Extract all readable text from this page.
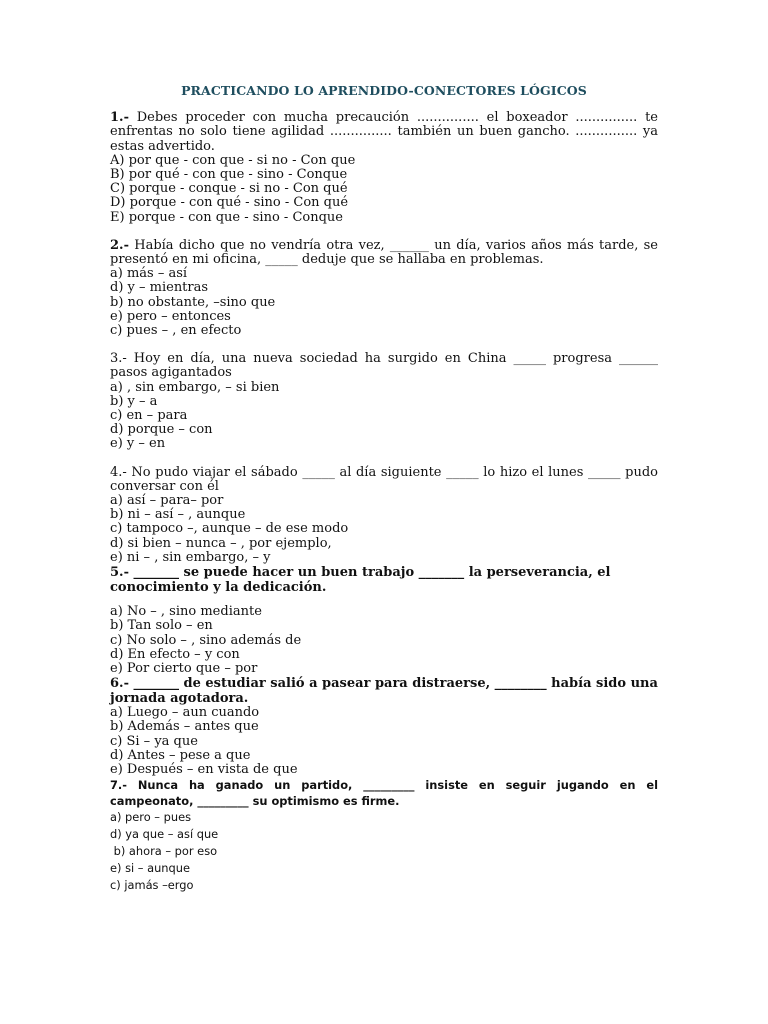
PRACTICANDO LO APRENDIDO-CONECTORES LÓGICOS

1.- Debes proceder con mucha precaución ............... el boxeador ............... te enfrentas no solo tiene agilidad ............... también un buen gancho. ............... ya estas advertido.

A) por que - con que - si no - Con que

B) por qué - con que - sino - Conque

C) porque - conque - si no - Con qué

D) porque - con qué - sino - Con qué

E) porque - con que - sino - Conque

2.- Había dicho que no vendría otra vez, ______ un día, varios años más tarde, se presentó en mi oficina, _____ deduje que se hallaba en problemas.

a) más – así

d) y – mientras

b) no obstante, –sino que

e) pero – entonces

c) pues – , en efecto

3.- Hoy en día, una nueva sociedad ha surgido en China _____ progresa ______ pasos agigantados

a) , sin embargo, – si bien

b) y – a

c) en – para

d) porque – con

e) y – en

4.- No pudo viajar el sábado _____ al día siguiente _____ lo hizo el lunes _____ pudo conversar con él

a) así – para– por

b) ni – así – , aunque

c) tampoco –, aunque – de ese modo

d) si bien – nunca – , por ejemplo,

e) ni – , sin embargo, – y

5.- _______ se puede hacer un buen trabajo _______ la perseverancia, el conocimiento y la dedicación.

a) No – , sino mediante

b) Tan solo – en

c) No solo – , sino además de

d) En efecto – y con

e) Por cierto que – por

6.- _______ de estudiar salió a pasear para distraerse, ________ había sido una jornada agotadora.

a) Luego – aun cuando

b) Además – antes que

c) Si – ya que

d) Antes – pese a que

e) Después – en vista de que

7.- Nunca ha ganado un partido, _________ insiste en seguir jugando en el campeonato, _________ su optimismo es firme.

a) pero – pues

d) ya que – así que

b) ahora – por eso

e) si – aunque

c) jamás –ergo
